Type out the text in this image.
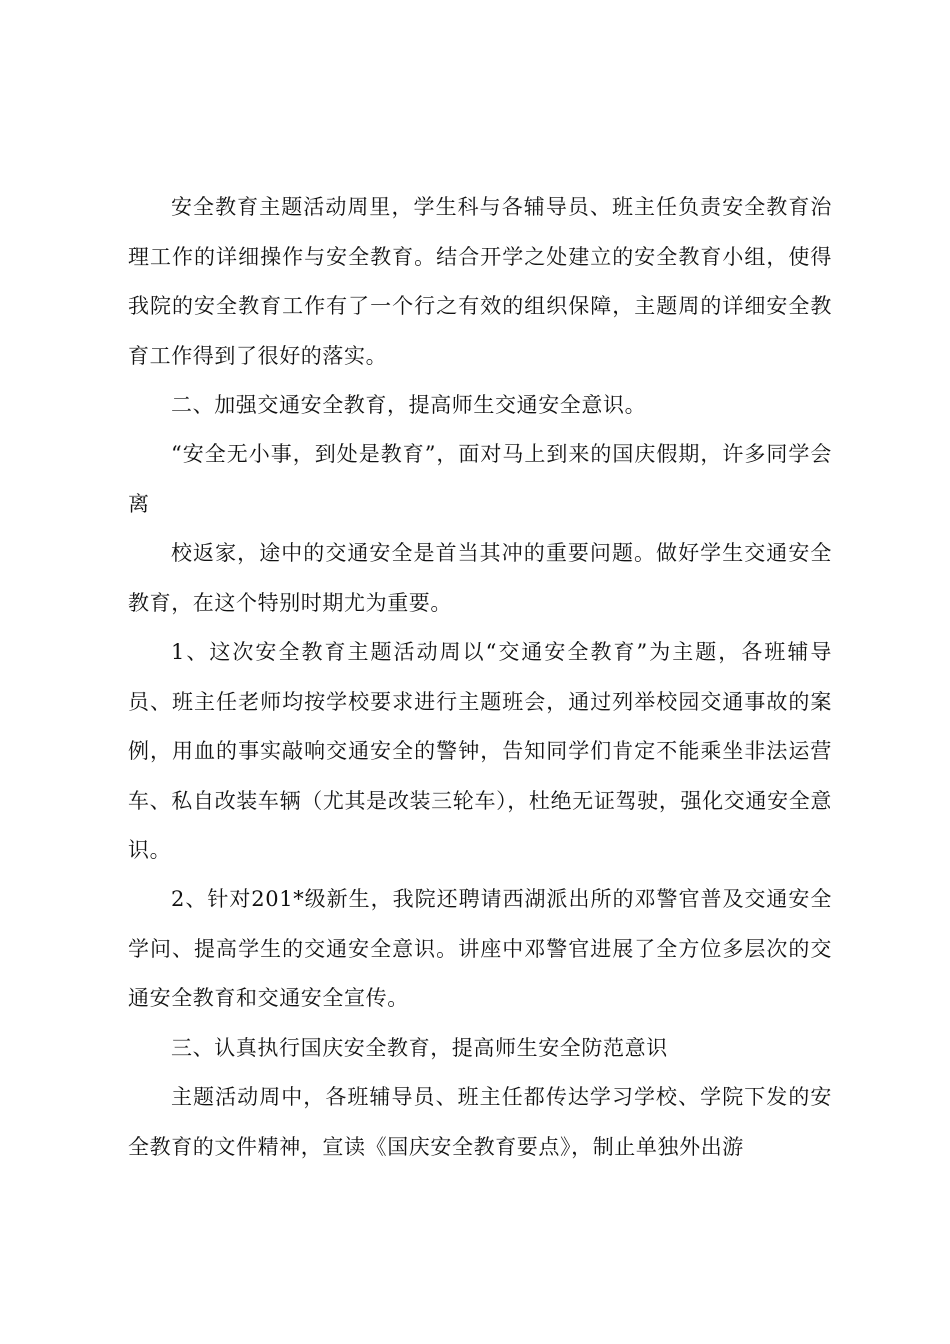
安全教育主题活动周里，学生科与各辅导员、班主任负责安全教育治理工作的详细操作与安全教育。结合开学之处建立的安全教育小组，使得我院的安全教育工作有了一个行之有效的组织保障，主题周的详细安全教育工作得到了很好的落实。

二、加强交通安全教育，提高师生交通安全意识。

“安全无小事，到处是教育”，面对马上到来的国庆假期，许多同学会离

校返家，途中的交通安全是首当其冲的重要问题。做好学生交通安全教育，在这个特别时期尤为重要。

1、这次安全教育主题活动周以“交通安全教育”为主题，各班辅导员、班主任老师均按学校要求进行主题班会，通过列举校园交通事故的案例，用血的事实敲响交通安全的警钟，告知同学们肯定不能乘坐非法运营车、私自改装车辆（尤其是改装三轮车），杜绝无证驾驶，强化交通安全意识。

2、针对201*级新生，我院还聘请西湖派出所的邓警官普及交通安全学问、提高学生的交通安全意识。讲座中邓警官进展了全方位多层次的交通安全教育和交通安全宣传。

三、认真执行国庆安全教育，提高师生安全防范意识

主题活动周中，各班辅导员、班主任都传达学习学校、学院下发的安全教育的文件精神，宣读《国庆安全教育要点》，制止单独外出游
